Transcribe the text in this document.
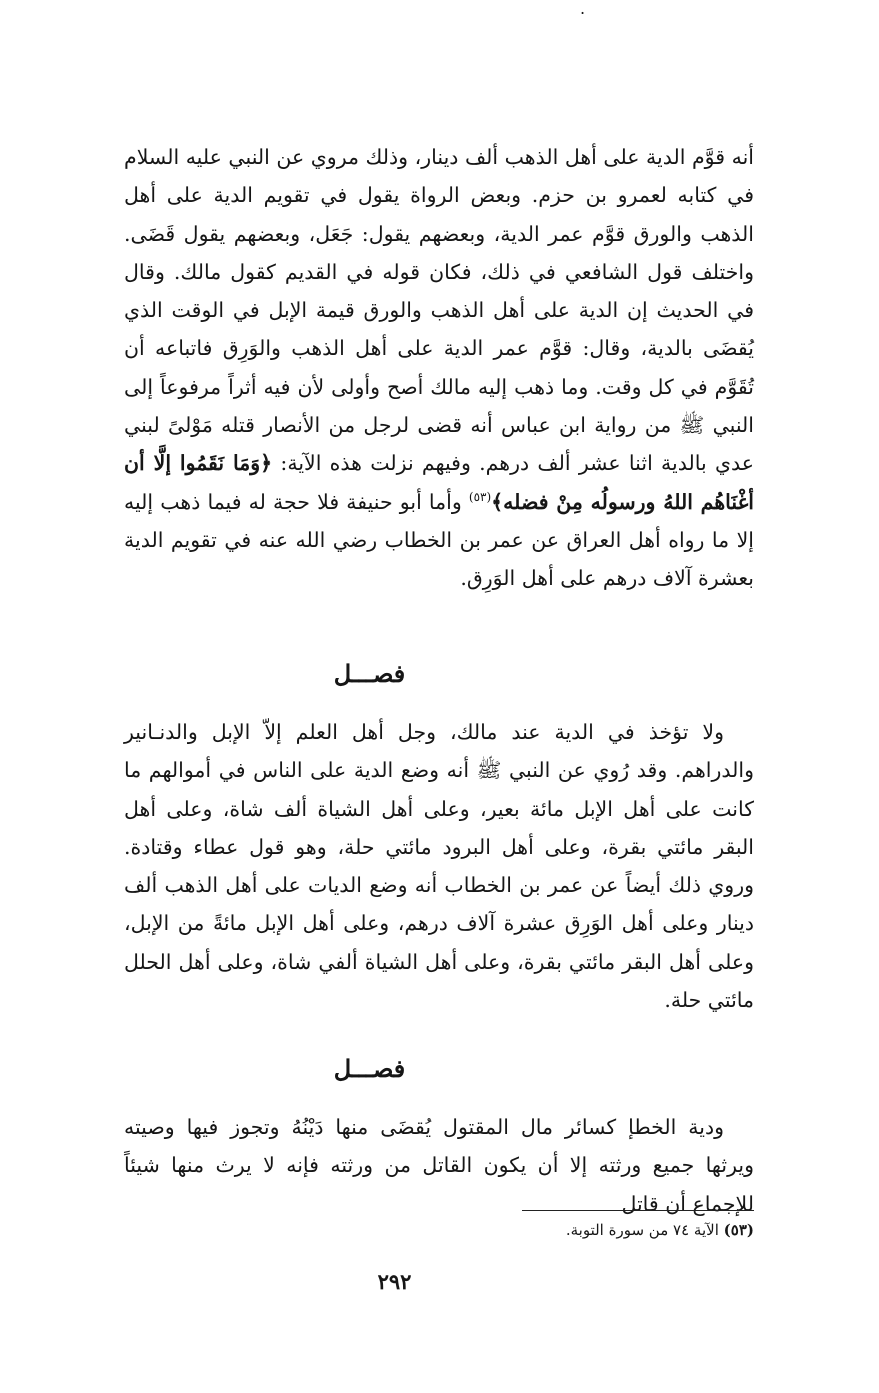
.

أنه قوَّم الدية على أهل الذهب ألف دينار، وذلك مروي عن النبي عليه السلام في كتابه لعمرو بن حزم. وبعض الرواة يقول في تقويم الدية على أهل الذهب والورق قوَّم عمر الدية، وبعضهم يقول: جَعَل، وبعضهم يقول قَضَى. واختلف قول الشافعي في ذلك، فكان قوله في القديم كقول مالك. وقال في الحديث إن الدية على أهل الذهب والورق قيمة الإبل في الوقت الذي يُقضَى بالدية، وقال: قوَّم عمر الدية على أهل الذهب والوَرِق فاتباعه أن تُقَوَّم في كل وقت. وما ذهب إليه مالك أصح وأولى لأن فيه أثراً مرفوعاً إلى النبي ﷺ من رواية ابن عباس أنه قضى لرجل من الأنصار قتله مَوْلىً لبني عدي بالدية اثنا عشر ألف درهم. وفيهم نزلت هذه الآية: ﴿وَمَا نَقَمُوا إلَّا أن أغْنَاهُم اللهُ ورسولُه مِنْ فضله﴾$^{(٥٣)}$ وأما أبو حنيفة فلا حجة له فيما ذهب إليه إلا ما رواه أهل العراق عن عمر بن الخطاب رضي الله عنه في تقويم الدية بعشرة آلاف درهم على أهل الوَرِق.

فصـــل

ولا تؤخذ في الدية عند مالك، وجل أهل العلم إلاّ الإبل والدنـانير والدراهم. وقد رُوي عن النبي ﷺ أنه وضع الدية على الناس في أموالهم ما كانت على أهل الإبل مائة بعير، وعلى أهل الشياة ألف شاة، وعلى أهل البقر مائتي بقرة، وعلى أهل البرود مائتي حلة، وهو قول عطاء وقتادة. وروي ذلك أيضاً عن عمر بن الخطاب أنه وضع الديات على أهل الذهب ألف دينار وعلى أهل الوَرِق عشرة آلاف درهم، وعلى أهل الإبل مائةً من الإبل، وعلى أهل البقر مائتي بقرة، وعلى أهل الشياة ألفي شاة، وعلى أهل الحلل مائتي حلة.

فصـــل

ودية الخطإ كسائر مال المقتول يُقضَى منها دَيْنُهُ وتجوز فيها وصيته ويرثها جميع ورثته إلا أن يكون القاتل من ورثته فإنه لا يرث منها شيئاً للإجماع أن قاتل

(٥٣) الآية ٧٤ من سورة التوبة.
٢٩٢
